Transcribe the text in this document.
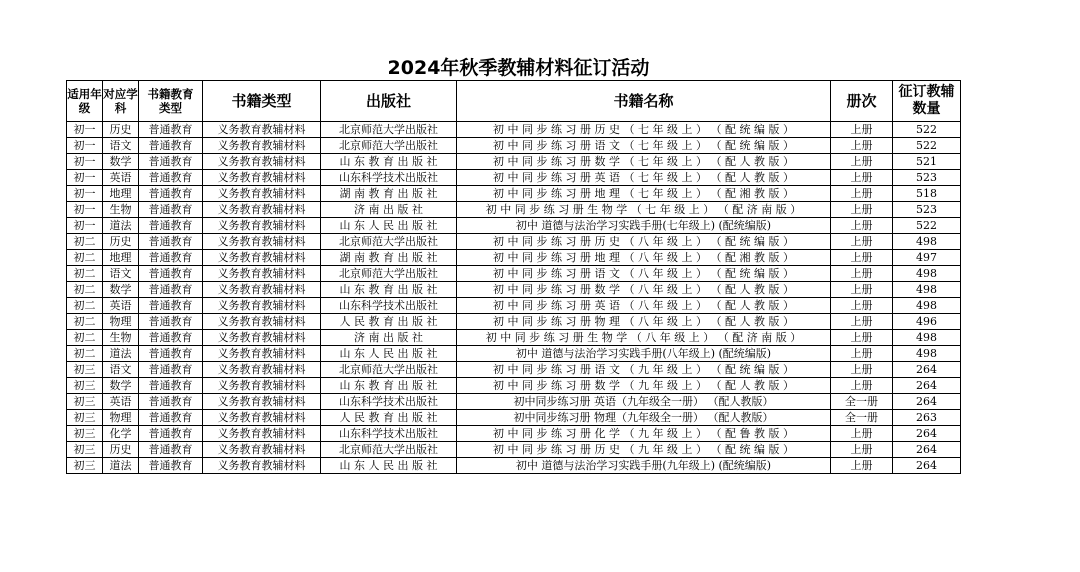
2024年秋季教辅材料征订活动
适用年级	对应学科	书籍教育类型	书籍类型	出版社	书籍名称	册次	征订教辅数量
初一	历史	普通教育	义务教育教辅材料	北京师范大学出版社	初 中 同 步 练 习 册 历 史 （ 七 年 级 上 ） （ 配 统 编 版 ）	上册	522
初一	语文	普通教育	义务教育教辅材料	北京师范大学出版社	初 中 同 步 练 习 册 语 文 （ 七 年 级 上 ） （ 配 统 编 版 ）	上册	522
初一	数学	普通教育	义务教育教辅材料	山 东 教 育 出 版 社	初 中 同 步 练 习 册 数 学 （ 七 年 级 上 ） （ 配 人 教 版 ）	上册	521
初一	英语	普通教育	义务教育教辅材料	山东科学技术出版社	初 中 同 步 练 习 册 英 语 （ 七 年 级 上 ） （ 配 人 教 版 ）	上册	523
初一	地理	普通教育	义务教育教辅材料	湖 南 教 育 出 版 社	初 中 同 步 练 习 册 地 理 （ 七 年 级 上 ） （ 配 湘 教 版 ）	上册	518
初一	生物	普通教育	义务教育教辅材料	济 南 出 版 社	初 中 同 步 练 习 册 生 物 学 （ 七 年 级 上 ） （ 配 济 南 版 ）	上册	523
初一	道法	普通教育	义务教育教辅材料	山 东 人 民 出 版 社	初中 道德与法治学习实践手册(七年级上) (配统编版)	上册	522
初二	历史	普通教育	义务教育教辅材料	北京师范大学出版社	初 中 同 步 练 习 册 历 史 （ 八 年 级 上 ） （ 配 统 编 版 ）	上册	498
初二	地理	普通教育	义务教育教辅材料	湖 南 教 育 出 版 社	初 中 同 步 练 习 册 地 理 （ 八 年 级 上 ） （ 配 湘 教 版 ）	上册	497
初二	语文	普通教育	义务教育教辅材料	北京师范大学出版社	初 中 同 步 练 习 册 语 文 （ 八 年 级 上 ） （ 配 统 编 版 ）	上册	498
初二	数学	普通教育	义务教育教辅材料	山 东 教 育 出 版 社	初 中 同 步 练 习 册 数 学 （ 八 年 级 上 ） （ 配 人 教 版 ）	上册	498
初二	英语	普通教育	义务教育教辅材料	山东科学技术出版社	初 中 同 步 练 习 册 英 语 （ 八 年 级 上 ） （ 配 人 教 版 ）	上册	498
初二	物理	普通教育	义务教育教辅材料	人 民 教 育 出 版 社	初 中 同 步 练 习 册 物 理 （ 八 年 级 上 ） （ 配 人 教 版 ）	上册	496
初二	生物	普通教育	义务教育教辅材料	济 南 出 版 社	初 中 同 步 练 习 册 生 物 学 （ 八 年 级 上 ） （ 配 济 南 版 ）	上册	498
初二	道法	普通教育	义务教育教辅材料	山 东 人 民 出 版 社	初中 道德与法治学习实践手册(八年级上) (配统编版)	上册	498
初三	语文	普通教育	义务教育教辅材料	北京师范大学出版社	初 中 同 步 练 习 册 语 文 （ 九 年 级 上 ） （ 配 统 编 版 ）	上册	264
初三	数学	普通教育	义务教育教辅材料	山 东 教 育 出 版 社	初 中 同 步 练 习 册 数 学 （ 九 年 级 上 ） （ 配 人 教 版 ）	上册	264
初三	英语	普通教育	义务教育教辅材料	山东科学技术出版社	初中同步练习册 英语（九年级全一册） （配人教版）	全一册	264
初三	物理	普通教育	义务教育教辅材料	人 民 教 育 出 版 社	初中同步练习册 物理（九年级全一册） （配人教版）	全一册	263
初三	化学	普通教育	义务教育教辅材料	山东科学技术出版社	初 中 同 步 练 习 册 化 学 （ 九 年 级 上 ） （ 配 鲁 教 版 ）	上册	264
初三	历史	普通教育	义务教育教辅材料	北京师范大学出版社	初 中 同 步 练 习 册 历 史 （ 九 年 级 上 ） （ 配 统 编 版 ）	上册	264
初三	道法	普通教育	义务教育教辅材料	山 东 人 民 出 版 社	初中 道德与法治学习实践手册(九年级上) (配统编版)	上册	264
